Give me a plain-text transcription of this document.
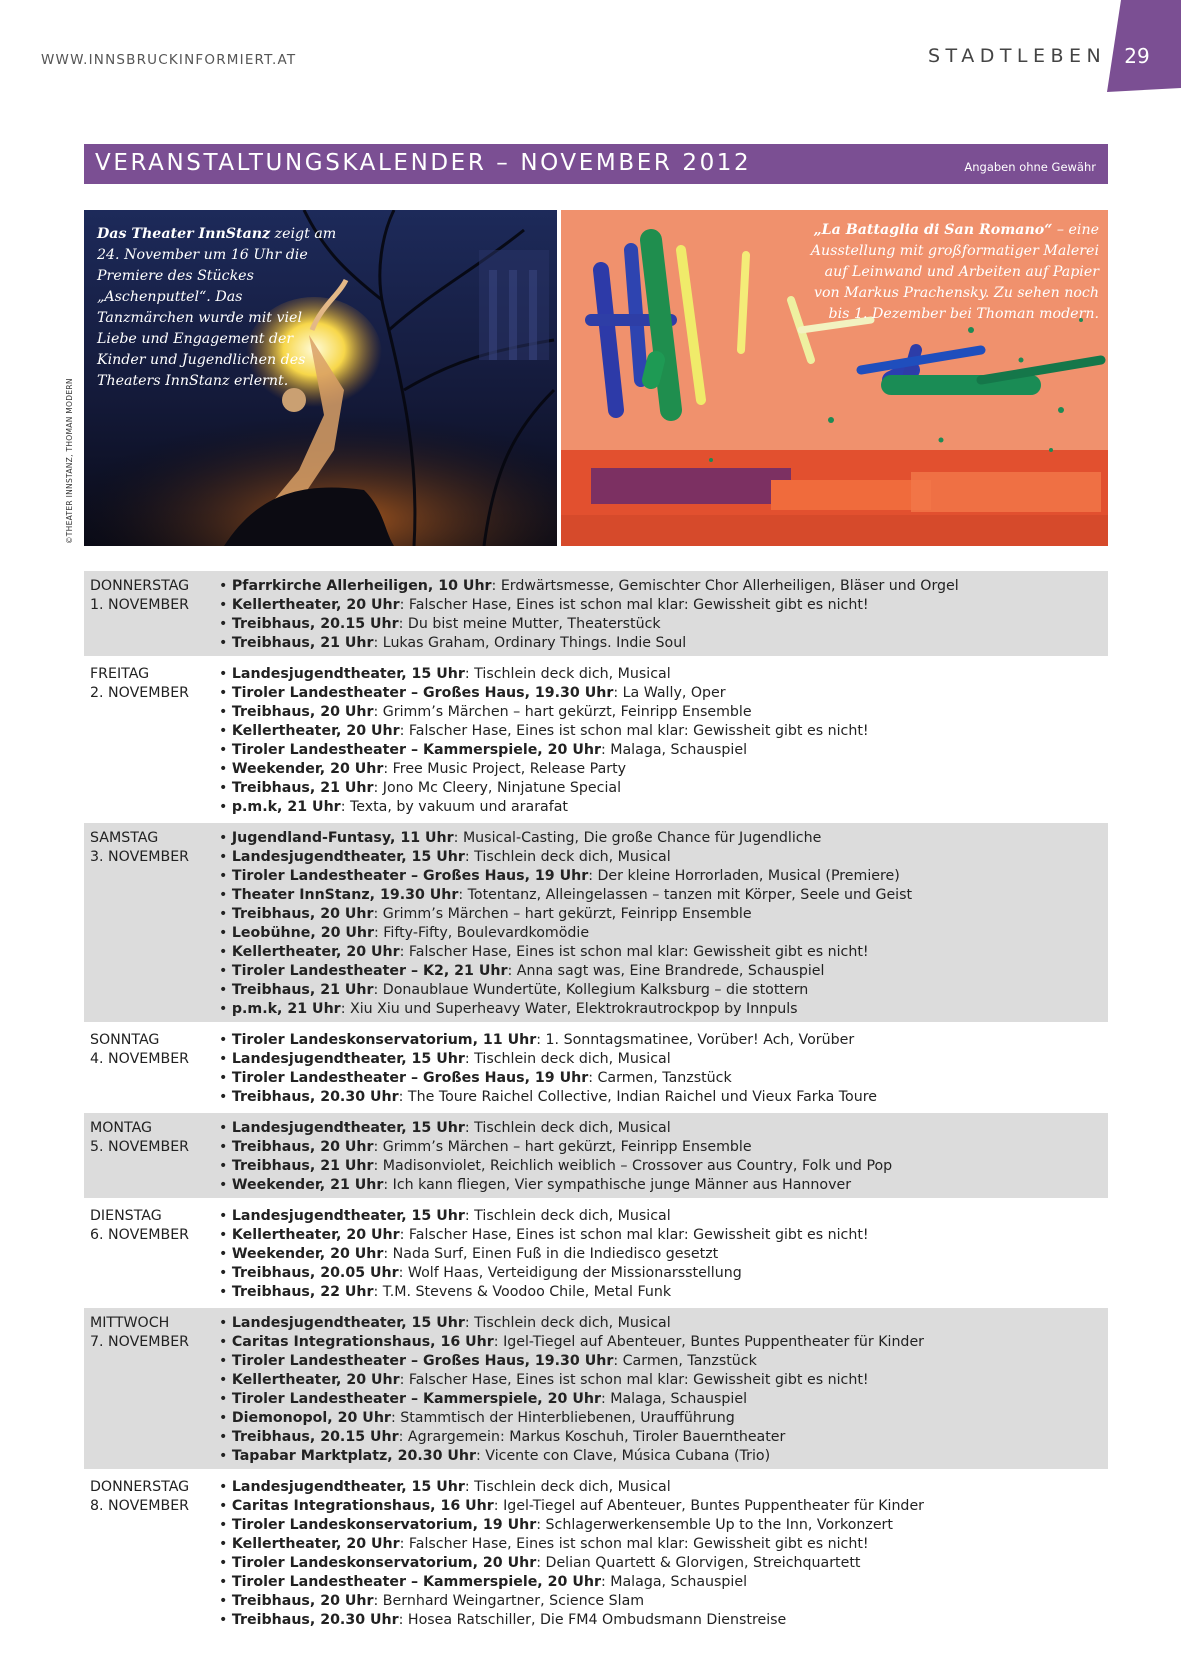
WWW.INNSBRUCKINFORMIERT.AT	STADTLEBEN 29
VERANSTALTUNGSKALENDER – NOVEMBER 2012	Angaben ohne Gewähr
Das Theater InnStanz zeigt am 24. November um 16 Uhr die Premiere des Stückes „Aschenputtel“. Das Tanzmärchen wurde mit viel Liebe und Engagement der Kinder und Jugendlichen des Theaters InnStanz erlernt.
„La Battaglia di San Romano“ – eine Ausstellung mit großformatiger Malerei auf Leinwand und Arbeiten auf Papier von Markus Prachensky. Zu sehen noch bis 1. Dezember bei Thoman modern.
©THEATER INNSTANZ, THOMAN MODERN
DONNERSTAG
1. NOVEMBER
• Pfarrkirche Allerheiligen, 10 Uhr: Erdwärtsmesse, Gemischter Chor Allerheiligen, Bläser und Orgel
• Kellertheater, 20 Uhr: Falscher Hase, Eines ist schon mal klar: Gewissheit gibt es nicht!
• Treibhaus, 20.15 Uhr: Du bist meine Mutter, Theaterstück
• Treibhaus, 21 Uhr: Lukas Graham, Ordinary Things. Indie Soul
FREITAG
2. NOVEMBER
• Landesjugendtheater, 15 Uhr: Tischlein deck dich, Musical
• Tiroler Landestheater – Großes Haus, 19.30 Uhr: La Wally, Oper
• Treibhaus, 20 Uhr: Grimm’s Märchen – hart gekürzt, Feinripp Ensemble
• Kellertheater, 20 Uhr: Falscher Hase, Eines ist schon mal klar: Gewissheit gibt es nicht!
• Tiroler Landestheater – Kammerspiele, 20 Uhr: Malaga, Schauspiel
• Weekender, 20 Uhr: Free Music Project, Release Party
• Treibhaus, 21 Uhr: Jono Mc Cleery, Ninjatune Special
• p.m.k, 21 Uhr: Texta, by vakuum und ararafat
SAMSTAG
3. NOVEMBER
• Jugendland-Funtasy, 11 Uhr: Musical-Casting, Die große Chance für Jugendliche
• Landesjugendtheater, 15 Uhr: Tischlein deck dich, Musical
• Tiroler Landestheater – Großes Haus, 19 Uhr: Der kleine Horrorladen, Musical (Premiere)
• Theater InnStanz, 19.30 Uhr: Totentanz, Alleingelassen – tanzen mit Körper, Seele und Geist
• Treibhaus, 20 Uhr: Grimm’s Märchen – hart gekürzt, Feinripp Ensemble
• Leobühne, 20 Uhr: Fifty-Fifty, Boulevardkomödie
• Kellertheater, 20 Uhr: Falscher Hase, Eines ist schon mal klar: Gewissheit gibt es nicht!
• Tiroler Landestheater – K2, 21 Uhr: Anna sagt was, Eine Brandrede, Schauspiel
• Treibhaus, 21 Uhr: Donaublaue Wundertüte, Kollegium Kalksburg – die stottern
• p.m.k, 21 Uhr: Xiu Xiu und Superheavy Water, Elektrokrautrockpop by Innpuls
SONNTAG
4. NOVEMBER
• Tiroler Landeskonservatorium, 11 Uhr: 1. Sonntagsmatinee, Vorüber! Ach, Vorüber
• Landesjugendtheater, 15 Uhr: Tischlein deck dich, Musical
• Tiroler Landestheater – Großes Haus, 19 Uhr: Carmen, Tanzstück
• Treibhaus, 20.30 Uhr: The Toure Raichel Collective, Indian Raichel und Vieux Farka Toure
MONTAG
5. NOVEMBER
• Landesjugendtheater, 15 Uhr: Tischlein deck dich, Musical
• Treibhaus, 20 Uhr: Grimm’s Märchen – hart gekürzt, Feinripp Ensemble
• Treibhaus, 21 Uhr: Madisonviolet, Reichlich weiblich – Crossover aus Country, Folk und Pop
• Weekender, 21 Uhr: Ich kann fliegen, Vier sympathische junge Männer aus Hannover
DIENSTAG
6. NOVEMBER
• Landesjugendtheater, 15 Uhr: Tischlein deck dich, Musical
• Kellertheater, 20 Uhr: Falscher Hase, Eines ist schon mal klar: Gewissheit gibt es nicht!
• Weekender, 20 Uhr: Nada Surf, Einen Fuß in die Indiedisco gesetzt
• Treibhaus, 20.05 Uhr: Wolf Haas, Verteidigung der Missionarsstellung
• Treibhaus, 22 Uhr: T.M. Stevens & Voodoo Chile, Metal Funk
MITTWOCH
7. NOVEMBER
• Landesjugendtheater, 15 Uhr: Tischlein deck dich, Musical
• Caritas Integrationshaus, 16 Uhr: Igel-Tiegel auf Abenteuer, Buntes Puppentheater für Kinder
• Tiroler Landestheater – Großes Haus, 19.30 Uhr: Carmen, Tanzstück
• Kellertheater, 20 Uhr: Falscher Hase, Eines ist schon mal klar: Gewissheit gibt es nicht!
• Tiroler Landestheater – Kammerspiele, 20 Uhr: Malaga, Schauspiel
• Diemonopol, 20 Uhr: Stammtisch der Hinterbliebenen, Uraufführung
• Treibhaus, 20.15 Uhr: Agrargemein: Markus Koschuh, Tiroler Bauerntheater
• Tapabar Marktplatz, 20.30 Uhr: Vicente con Clave, Música Cubana (Trio)
DONNERSTAG
8. NOVEMBER
• Landesjugendtheater, 15 Uhr: Tischlein deck dich, Musical
• Caritas Integrationshaus, 16 Uhr: Igel-Tiegel auf Abenteuer, Buntes Puppentheater für Kinder
• Tiroler Landeskonservatorium, 19 Uhr: Schlagerwerkensemble Up to the Inn, Vorkonzert
• Kellertheater, 20 Uhr: Falscher Hase, Eines ist schon mal klar: Gewissheit gibt es nicht!
• Tiroler Landeskonservatorium, 20 Uhr: Delian Quartett & Glorvigen, Streichquartett
• Tiroler Landestheater – Kammerspiele, 20 Uhr: Malaga, Schauspiel
• Treibhaus, 20 Uhr: Bernhard Weingartner, Science Slam
• Treibhaus, 20.30 Uhr: Hosea Ratschiller, Die FM4 Ombudsmann Dienstreise
